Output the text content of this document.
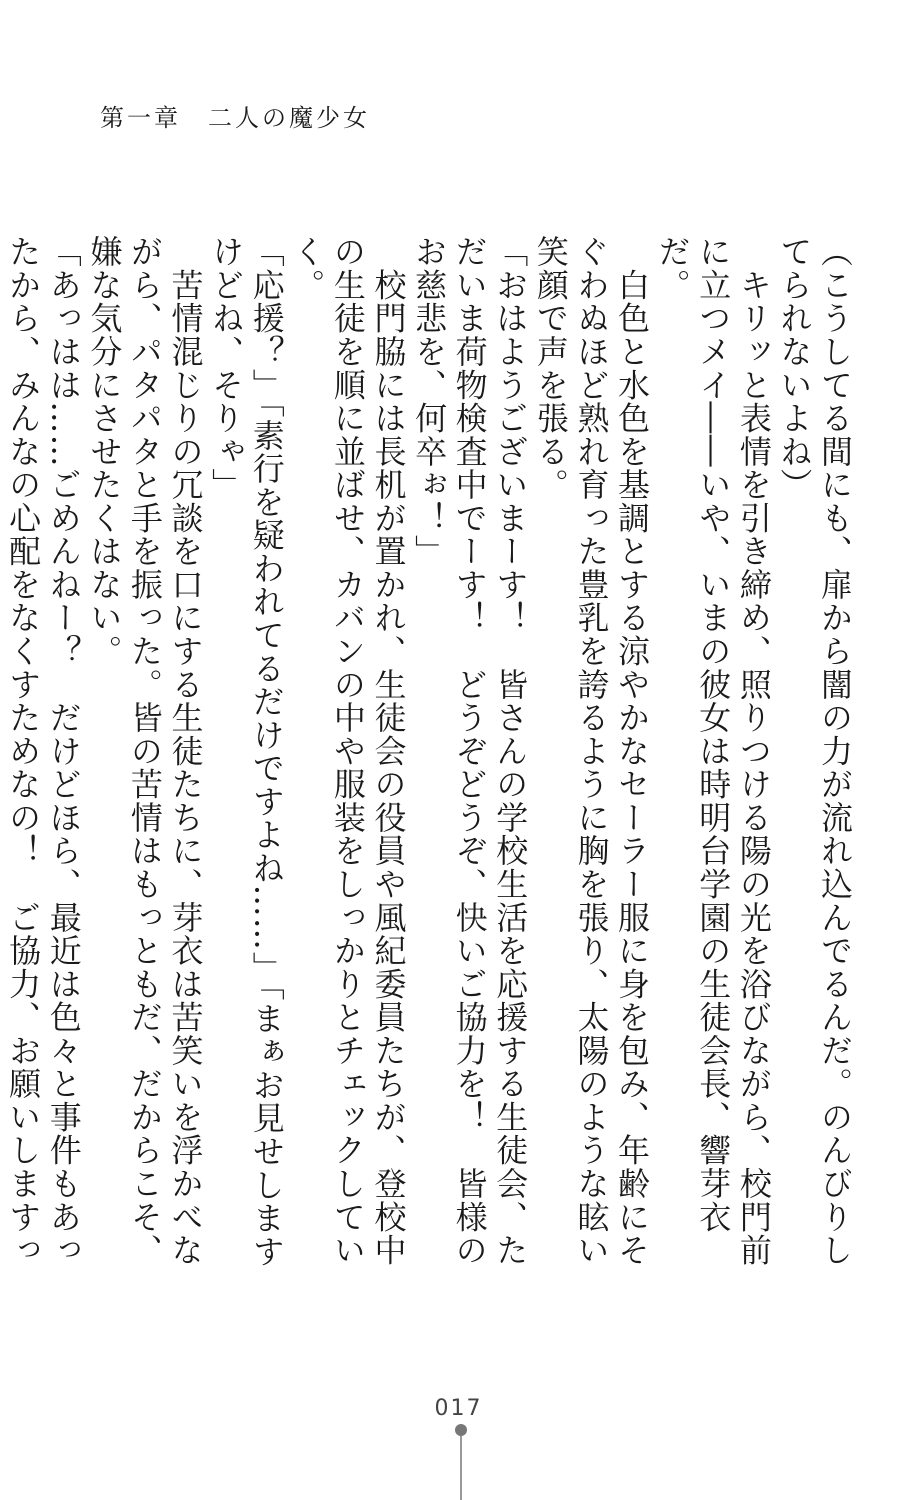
第一章　二人の魔少女

（こうしてる間にも、扉から闇の力が流れ込んでるんだ。のんびりしてられないよね）

　キリッと表情を引き締め、照りつける陽の光を浴びながら、校門前に立つメイ――いや、いまの彼女は時明台学園の生徒会長、響芽衣だ。

　白色と水色を基調とする涼やかなセーラー服に身を包み、年齢にそぐわぬほど熟れ育った豊乳を誇るように胸を張り、太陽のような眩い笑顔で声を張る。

「おはようございまーす！　皆さんの学校生活を応援する生徒会、ただいま荷物検査中でーす！　どうぞどうぞ、快いご協力を！　皆様のお慈悲を、何卒ぉ！」

　校門脇には長机が置かれ、生徒会の役員や風紀委員たちが、登校中の生徒を順に並ばせ、カバンの中や服装をしっかりとチェックしていく。

「応援？」「素行を疑われてるだけですよね……」「まぁお見せしますけどね、そりゃ」

　苦情混じりの冗談を口にする生徒たちに、芽衣は苦笑いを浮かべながら、パタパタと手を振った。皆の苦情はもっともだ、だからこそ、嫌な気分にさせたくはない。

「あっはは……ごめんねー？　だけどほら、最近は色々と事件もあったから、みんなの心配をなくすためなの！　ご協力、お願いしますっ

017
